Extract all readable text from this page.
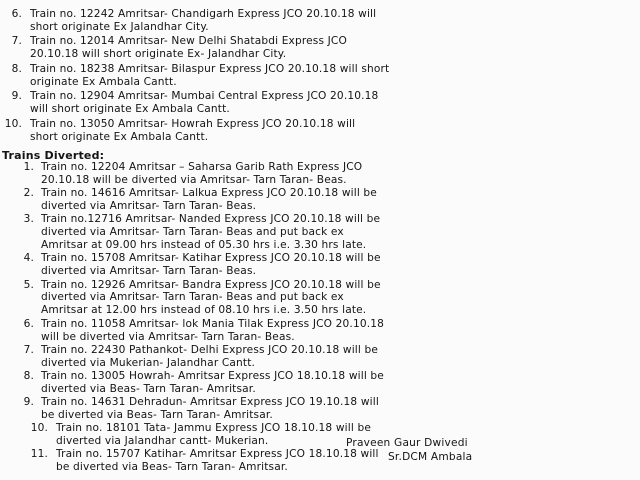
6. Train no. 12242 Amritsar- Chandigarh Express JCO 20.10.18 will
short originate Ex Jalandhar City.
7. Train no. 12014 Amritsar- New Delhi Shatabdi Express JCO
20.10.18 will short originate Ex- Jalandhar City.
8. Train no. 18238 Amritsar- Bilaspur Express JCO 20.10.18 will short
originate Ex Ambala Cantt.
9. Train no. 12904 Amritsar- Mumbai Central Express JCO 20.10.18
will short originate Ex Ambala Cantt.
10. Train no. 13050 Amritsar- Howrah Express JCO 20.10.18 will
short originate Ex Ambala Cantt.
Trains Diverted:
1. Train no. 12204 Amritsar – Saharsa Garib Rath Express JCO
20.10.18 will be diverted via Amritsar- Tarn Taran- Beas.
2. Train no. 14616 Amritsar- Lalkua Express JCO 20.10.18 will be
diverted via Amritsar- Tarn Taran- Beas.
3. Train no.12716 Amritsar- Nanded Express JCO 20.10.18 will be
diverted via Amritsar- Tarn Taran- Beas and put back ex
Amritsar at 09.00 hrs instead of 05.30 hrs i.e. 3.30 hrs late.
4. Train no. 15708 Amritsar- Katihar Express JCO 20.10.18 will be
diverted via Amritsar- Tarn Taran- Beas.
5. Train no. 12926 Amritsar- Bandra Express JCO 20.10.18 will be
diverted via Amritsar- Tarn Taran- Beas and put back ex
Amritsar at 12.00 hrs instead of 08.10 hrs i.e. 3.50 hrs late.
6. Train no. 11058 Amritsar- lok Mania Tilak Express JCO 20.10.18
will be diverted via Amritsar- Tarn Taran- Beas.
7. Train no. 22430 Pathankot- Delhi Express JCO 20.10.18 will be
diverted via Mukerian- Jalandhar Cantt.
8. Train no. 13005 Howrah- Amritsar Express JCO 18.10.18 will be
diverted via Beas- Tarn Taran- Amritsar.
9. Train no. 14631 Dehradun- Amritsar Express JCO 19.10.18 will
be diverted via Beas- Tarn Taran- Amritsar.
10. Train no. 18101 Tata- Jammu Express JCO 18.10.18 will be
diverted via Jalandhar cantt- Mukerian.
11. Train no. 15707 Katihar- Amritsar Express JCO 18.10.18 will
be diverted via Beas- Tarn Taran- Amritsar.
Praveen Gaur Dwivedi
Sr.DCM Ambala
